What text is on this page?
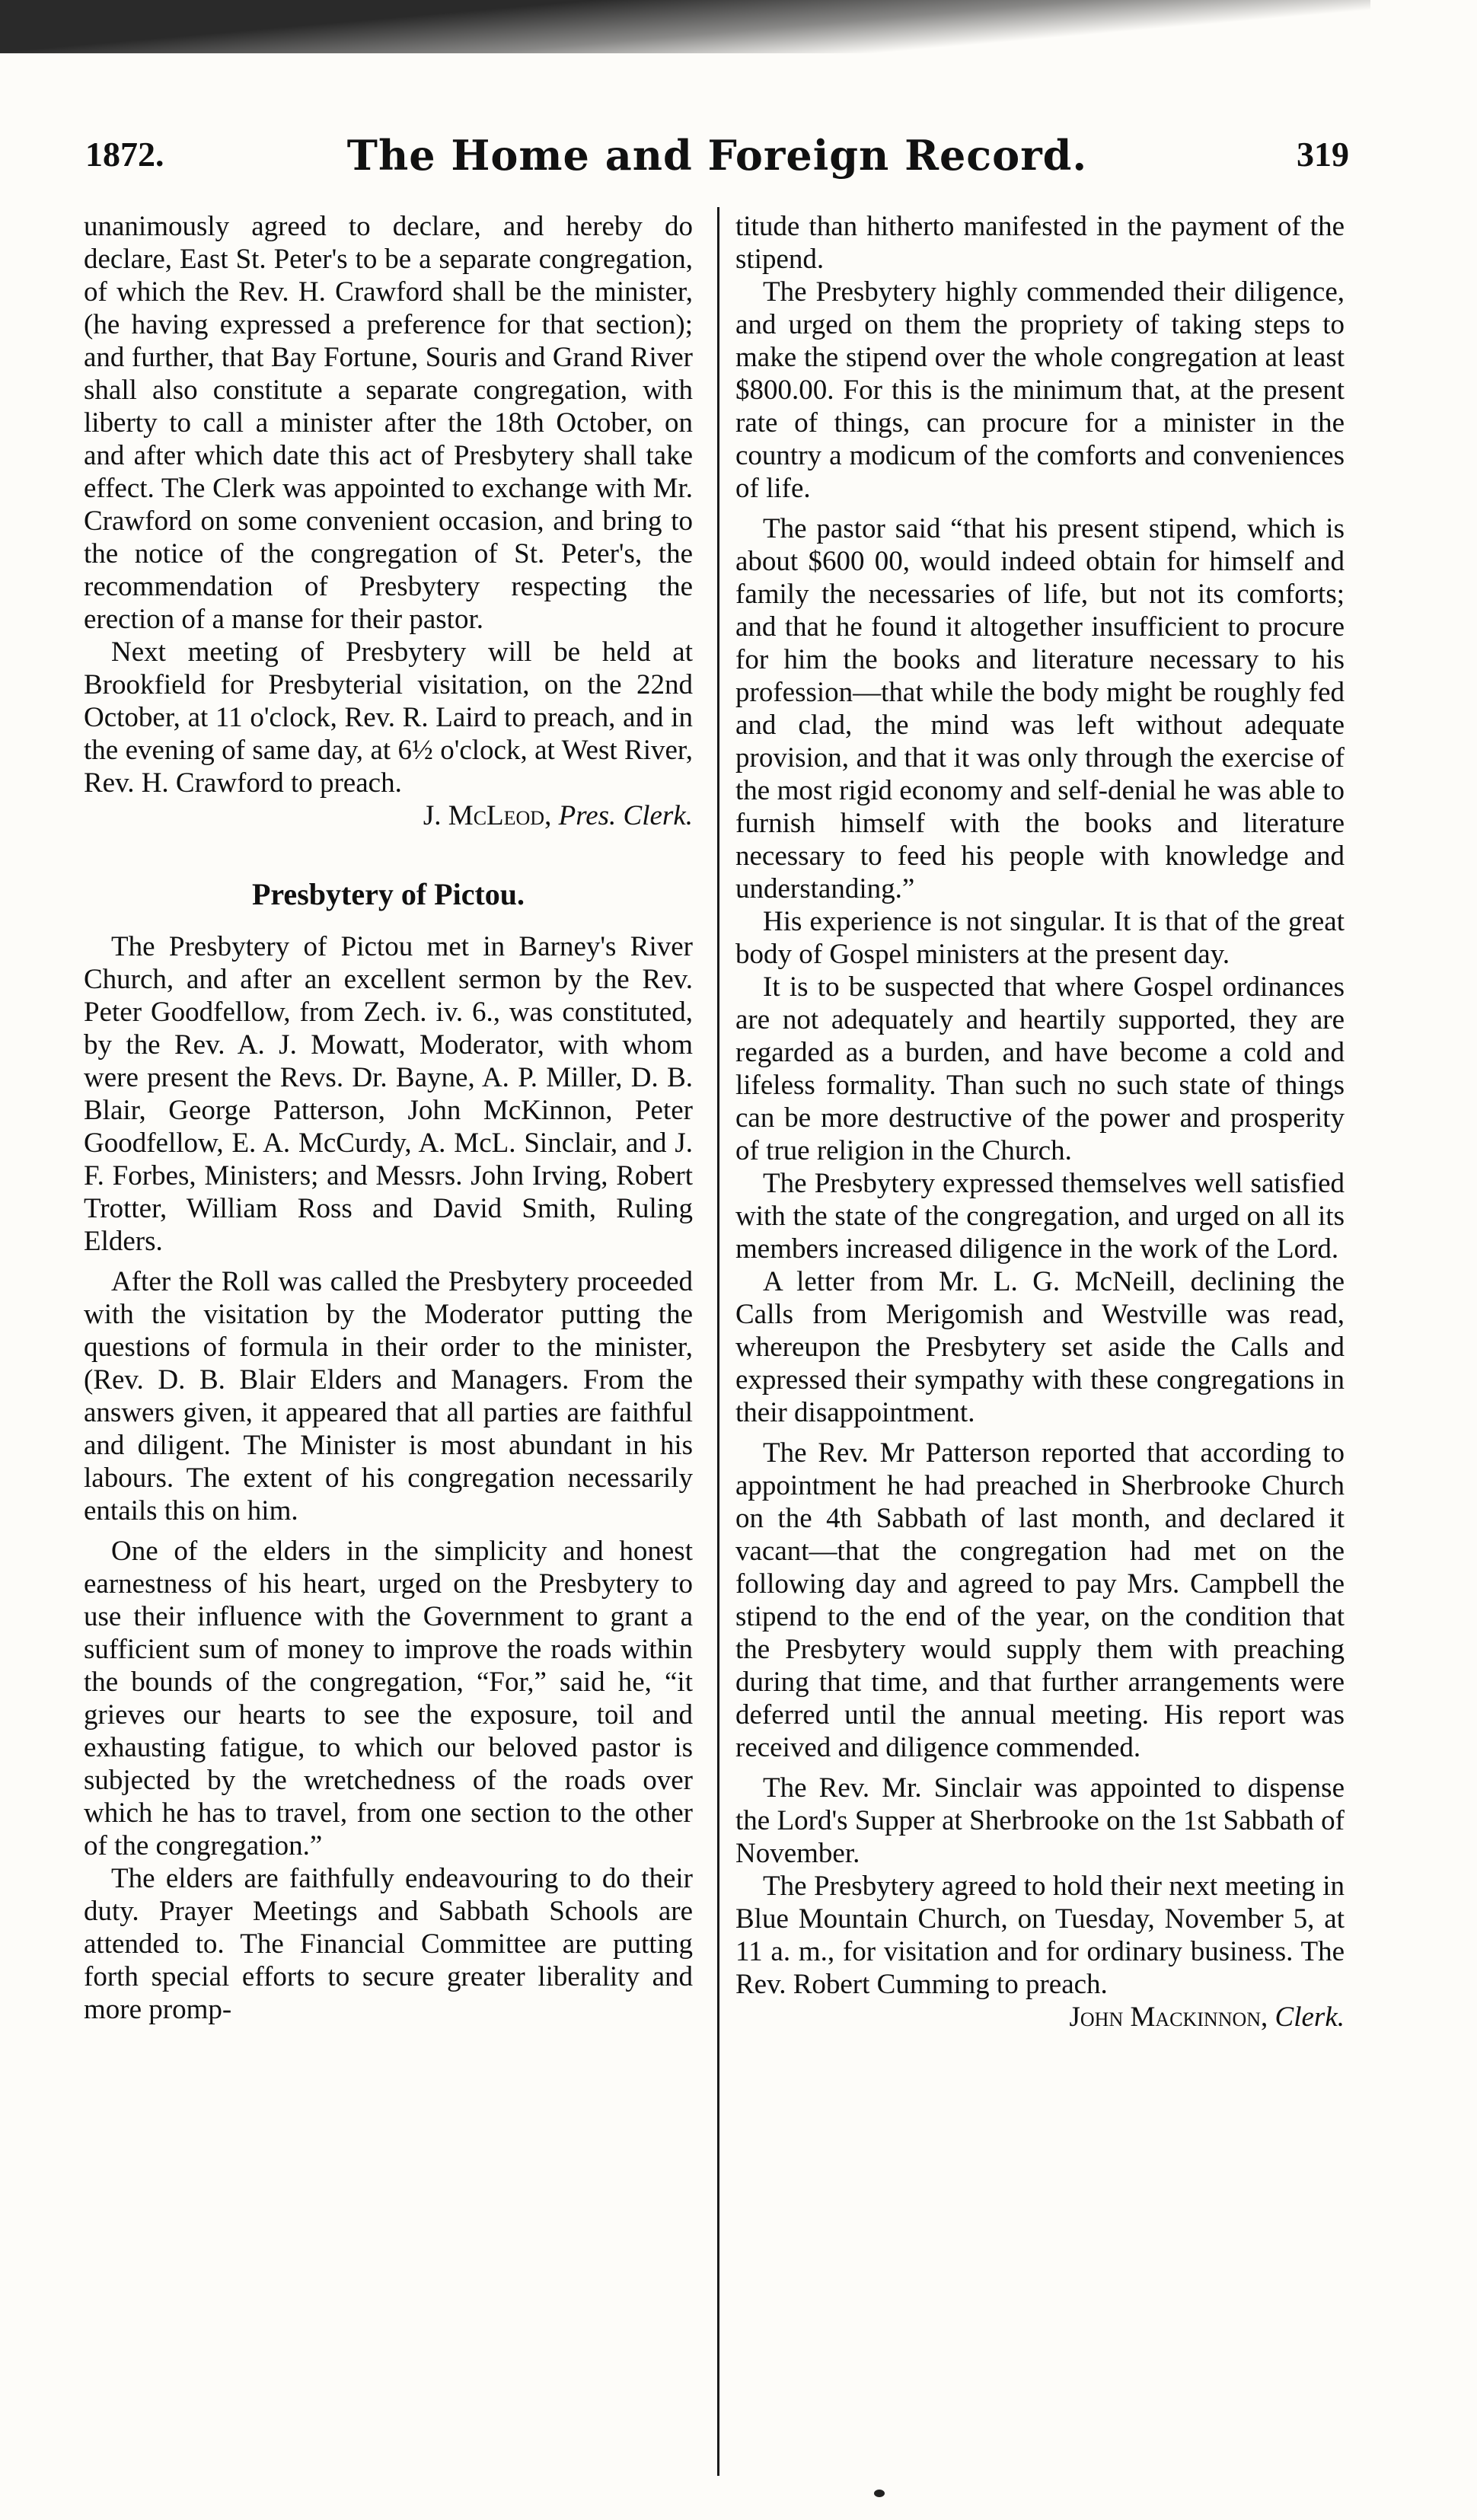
1872.	The Home and Foreign Record.	319

unanimously agreed to declare, and hereby do declare, East St. Peter's to be a separate congregation, of which the Rev. H. Crawford shall be the minister, (he having expressed a preference for that section); and further, that Bay Fortune, Souris and Grand River shall also constitute a separate congregation, with liberty to call a minister after the 18th October, on and after which date this act of Presbytery shall take effect. The Clerk was appointed to exchange with Mr. Crawford on some convenient occasion, and bring to the notice of the congregation of St. Peter's, the recommendation of Presbytery respecting the erection of a manse for their pastor.

Next meeting of Presbytery will be held at Brookfield for Presbyterial visitation, on the 22nd October, at 11 o'clock, Rev. R. Laird to preach, and in the evening of same day, at 6½ o'clock, at West River, Rev. H. Crawford to preach.

J. McLeod, Pres. Clerk.

Presbytery of Pictou.

The Presbytery of Pictou met in Barney's River Church, and after an excellent sermon by the Rev. Peter Goodfellow, from Zech. iv. 6., was constituted, by the Rev. A. J. Mowatt, Moderator, with whom were present the Revs. Dr. Bayne, A. P. Miller, D. B. Blair, George Patterson, John McKinnon, Peter Goodfellow, E. A. McCurdy, A. McL. Sinclair, and J. F. Forbes, Ministers; and Messrs. John Irving, Robert Trotter, William Ross and David Smith, Ruling Elders.

After the Roll was called the Presbytery proceeded with the visitation by the Moderator putting the questions of formula in their order to the minister, (Rev. D. B. Blair Elders and Managers. From the answers given, it appeared that all parties are faithful and diligent. The Minister is most abundant in his labours. The extent of his congregation necessarily entails this on him.

One of the elders in the simplicity and honest earnestness of his heart, urged on the Presbytery to use their influence with the Government to grant a sufficient sum of money to improve the roads within the bounds of the congregation, “For,” said he, “it grieves our hearts to see the exposure, toil and exhausting fatigue, to which our beloved pastor is subjected by the wretchedness of the roads over which he has to travel, from one section to the other of the congregation.”

The elders are faithfully endeavouring to do their duty. Prayer Meetings and Sabbath Schools are attended to. The Financial Committee are putting forth special efforts to secure greater liberality and more promp-

titude than hitherto manifested in the payment of the stipend.

The Presbytery highly commended their diligence, and urged on them the propriety of taking steps to make the stipend over the whole congregation at least $800.00. For this is the minimum that, at the present rate of things, can procure for a minister in the country a modicum of the comforts and conveniences of life.

The pastor said “that his present stipend, which is about $600 00, would indeed obtain for himself and family the necessaries of life, but not its comforts; and that he found it altogether insufficient to procure for him the books and literature necessary to his profession—that while the body might be roughly fed and clad, the mind was left without adequate provision, and that it was only through the exercise of the most rigid economy and self-denial he was able to furnish himself with the books and literature necessary to feed his people with knowledge and understanding.”

His experience is not singular. It is that of the great body of Gospel ministers at the present day.

It is to be suspected that where Gospel ordinances are not adequately and heartily supported, they are regarded as a burden, and have become a cold and lifeless formality. Than such no such state of things can be more destructive of the power and prosperity of true religion in the Church.

The Presbytery expressed themselves well satisfied with the state of the congregation, and urged on all its members increased diligence in the work of the Lord.

A letter from Mr. L. G. McNeill, declining the Calls from Merigomish and Westville was read, whereupon the Presbytery set aside the Calls and expressed their sympathy with these congregations in their disappointment.

The Rev. Mr Patterson reported that according to appointment he had preached in Sherbrooke Church on the 4th Sabbath of last month, and declared it vacant—that the congregation had met on the following day and agreed to pay Mrs. Campbell the stipend to the end of the year, on the condition that the Presbytery would supply them with preaching during that time, and that further arrangements were deferred until the annual meeting. His report was received and diligence commended.

The Rev. Mr. Sinclair was appointed to dispense the Lord's Supper at Sherbrooke on the 1st Sabbath of November.

The Presbytery agreed to hold their next meeting in Blue Mountain Church, on Tuesday, November 5, at 11 a. m., for visitation and for ordinary business. The Rev. Robert Cumming to preach.

John Mackinnon, Clerk.
